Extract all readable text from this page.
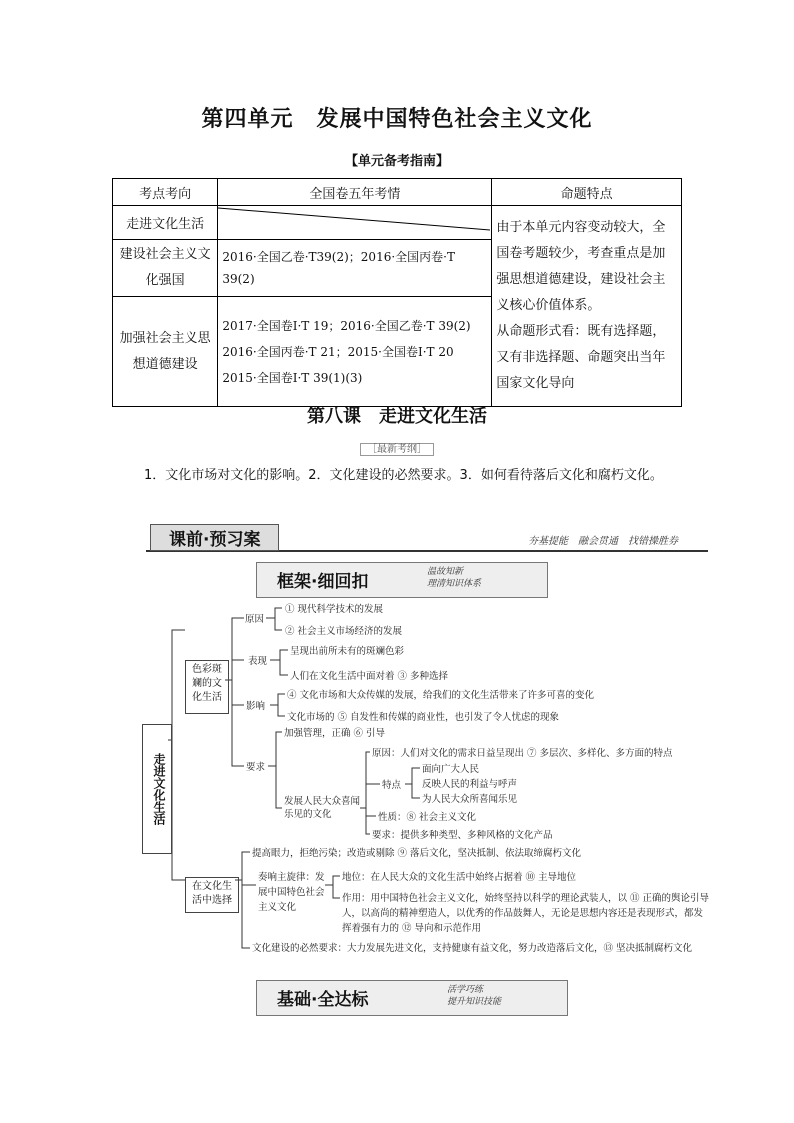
第四单元　发展中国特色社会主义文化
【单元备考指南】
考点考向	全国卷五年考情	命题特点
走进文化生活		由于本单元内容变动较大，全国卷考题较少，考查重点是加强思想道德建设，建设社会主义核心价值体系。
从命题形式看：既有选择题，又有非选择题、命题突出当年国家文化导向
建设社会主义文化强国	2016·全国乙卷·T39(2)；2016·全国丙卷·T 39(2)	
加强社会主义思想道德建设	2017·全国卷Ⅰ·T 19；2016·全国乙卷·T 39(2)
2016·全国丙卷·T 21；2015·全国卷Ⅰ·T 20
2015·全国卷Ⅰ·T 39(1)(3)	
第八课　走进文化生活
［最新考纲］
1．文化市场对文化的影响。2．文化建设的必然要求。3．如何看待落后文化和腐朽文化。
课前·预习案	夯基提能　融会贯通　找错操胜券
框架·细回扣	温故知新
理清知识体系
走进文化生活
色彩斑斓的文化生活
在文化生活中选择
原因
① 现代科学技术的发展
② 社会主义市场经济的发展
表现
呈现出前所未有的斑斓色彩
人们在文化生活中面对着 ③ 多种选择
影响
④ 文化市场和大众传媒的发展，给我们的文化生活带来了许多可喜的变化
文化市场的 ⑤ 自发性和传媒的商业性，也引发了令人忧虑的现象
要求
加强管理，正确 ⑥ 引导
发展人民大众喜闻乐见的文化
原因：人们对文化的需求日益呈现出 ⑦ 多层次、多样化、多方面的特点
特点
面向广大人民
反映人民的利益与呼声
为人民大众所喜闻乐见
性质：⑧ 社会主义文化
要求：提供多种类型、多种风格的文化产品
提高眼力，拒绝污染；改造或剔除 ⑨ 落后文化，坚决抵制、依法取缔腐朽文化
奏响主旋律：发展中国特色社会主义文化
地位：在人民大众的文化生活中始终占据着 ⑩ 主导地位
作用：用中国特色社会主义文化，始终坚持以科学的理论武装人，以 ⑪ 正确的舆论引导人，以高尚的精神塑造人，以优秀的作品鼓舞人，无论是思想内容还是表现形式，都发挥着强有力的 ⑫ 导向和示范作用
文化建设的必然要求：大力发展先进文化，支持健康有益文化，努力改造落后文化，⑬ 坚决抵制腐朽文化
基础·全达标	活学巧练
提升知识技能
